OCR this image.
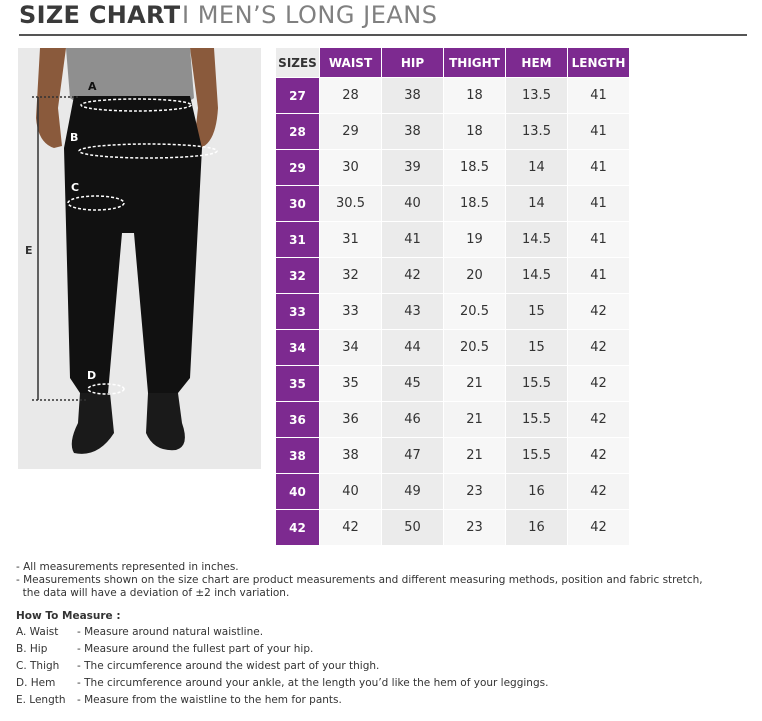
SIZE CHART I MEN’S LONG JEANS
A
B
C
D
E
SIZES	WAIST	HIP	THIGHT	HEM	LENGTH
27	28	38	18	13.5	41
28	29	38	18	13.5	41
29	30	39	18.5	14	41
30	30.5	40	18.5	14	41
31	31	41	19	14.5	41
32	32	42	20	14.5	41
33	33	43	20.5	15	42
34	34	44	20.5	15	42
35	35	45	21	15.5	42
36	36	46	21	15.5	42
38	38	47	21	15.5	42
40	40	49	23	16	42
42	42	50	23	16	42

- All measurements represented in inches.

- Measurements shown on the size chart are product measurements and different measuring methods, position and fabric stretch,

the data will have a deviation of ±2 inch variation.

How To Measure :
A. Waist	- Measure around natural waistline.
B. Hip	- Measure around the fullest part of your hip.
C. Thigh	- The circumference around the widest part of your thigh.
D. Hem	- The circumference around your ankle, at the length you’d like the hem of your leggings.
E. Length	- Measure from the waistline to the hem for pants.
